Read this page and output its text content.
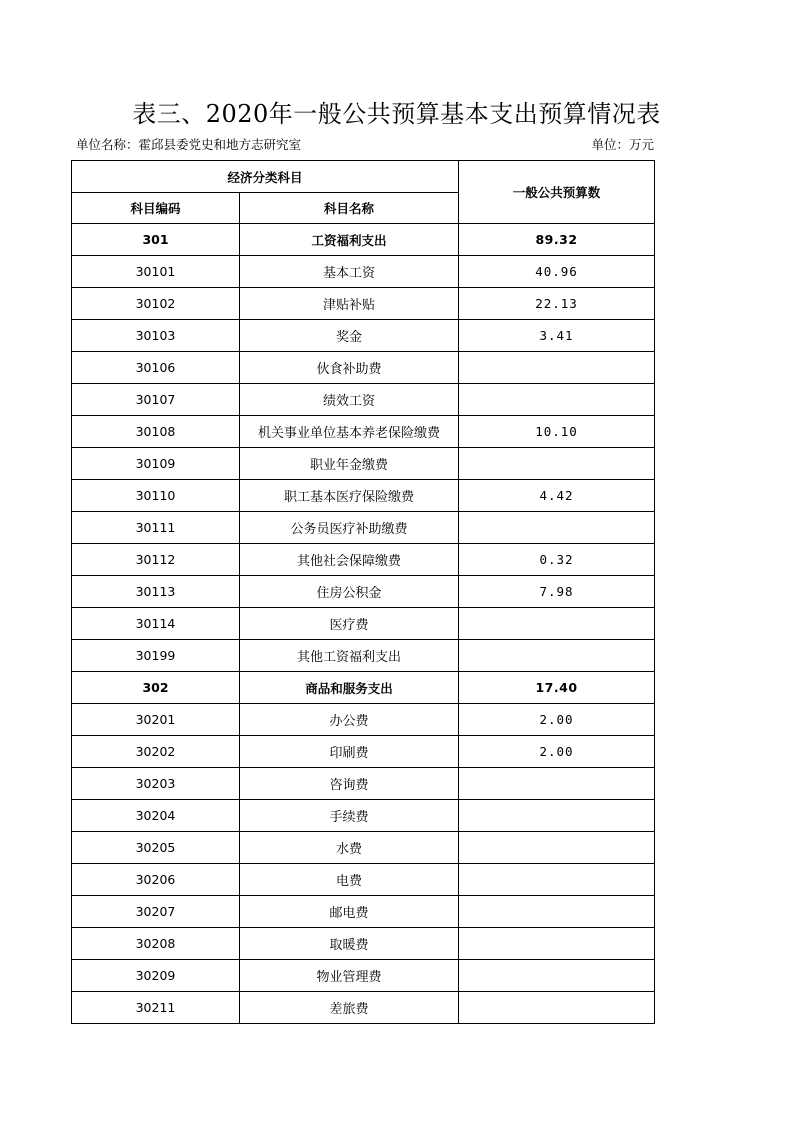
表三、2020年一般公共预算基本支出预算情况表
单位名称：霍邱县委党史和地方志研究室	单位：万元
经济分类科目		一般公共预算数
科目编码	科目名称	
301	工资福利支出	89.32
30101	基本工资	40.96
30102	津贴补贴	22.13
30103	奖金	3.41
30106	伙食补助费	
30107	绩效工资	
30108	机关事业单位基本养老保险缴费	10.10
30109	职业年金缴费	
30110	职工基本医疗保险缴费	4.42
30111	公务员医疗补助缴费	
30112	其他社会保障缴费	0.32
30113	住房公积金	7.98
30114	医疗费	
30199	其他工资福利支出	
302	商品和服务支出	17.40
30201	办公费	2.00
30202	印刷费	2.00
30203	咨询费	
30204	手续费	
30205	水费	
30206	电费	
30207	邮电费	
30208	取暖费	
30209	物业管理费	
30211	差旅费	
